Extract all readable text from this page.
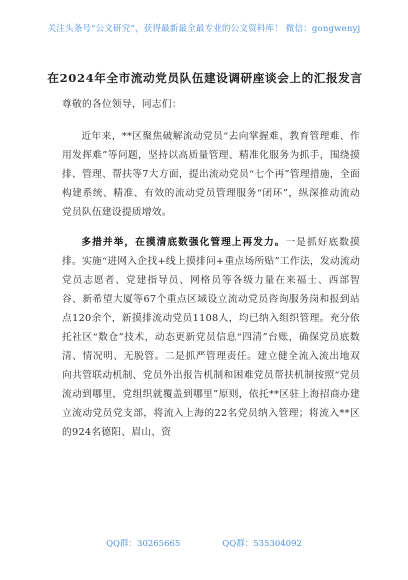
关注头条号“公文研究”，获得最新最全最专业的公文资料库！ 微信：gongwenyj
在2024年全市流动党员队伍建设调研座谈会上的汇报发言

尊敬的各位领导，同志们：

近年来，**区聚焦破解流动党员“去向掌握难、教育管理难、作用发挥难”等问题，坚持以高质量管理、精准化服务为抓手，围绕摸排、管理、帮扶等7大方面，提出流动党员“七个再”管理措施，全面构建系统、精准、有效的流动党员管理服务“闭环”，纵深推动流动党员队伍建设提质增效。

多措并举，在摸清底数强化管理上再发力。一是抓好底数摸排。实施“进网入企找+线上摸排问+重点场所贴”工作法，发动流动党员志愿者、党建指导员、网格员等各级力量在来福士、西部智谷、新希望大厦等67个重点区域设立流动党员咨询服务岗和报到站点120余个，新摸排流动党员1108人，均已纳入组织管理。充分依托社区“数仓”技术，动态更新党员信息“四清”台账，确保党员底数清、情况明、无脱管。二是抓严管理责任。建立健全流入流出地双向共管联动机制、党员外出报告机制和困难党员帮扶机制按照“党员流动到哪里，党组织就覆盖到哪里”原则，依托**区驻上海招商办建立流动党员党支部，将流入上海的22名党员纳入管理；将流入**区的924名德阳、眉山、资

QQ群：30265665	QQ群：535304092
